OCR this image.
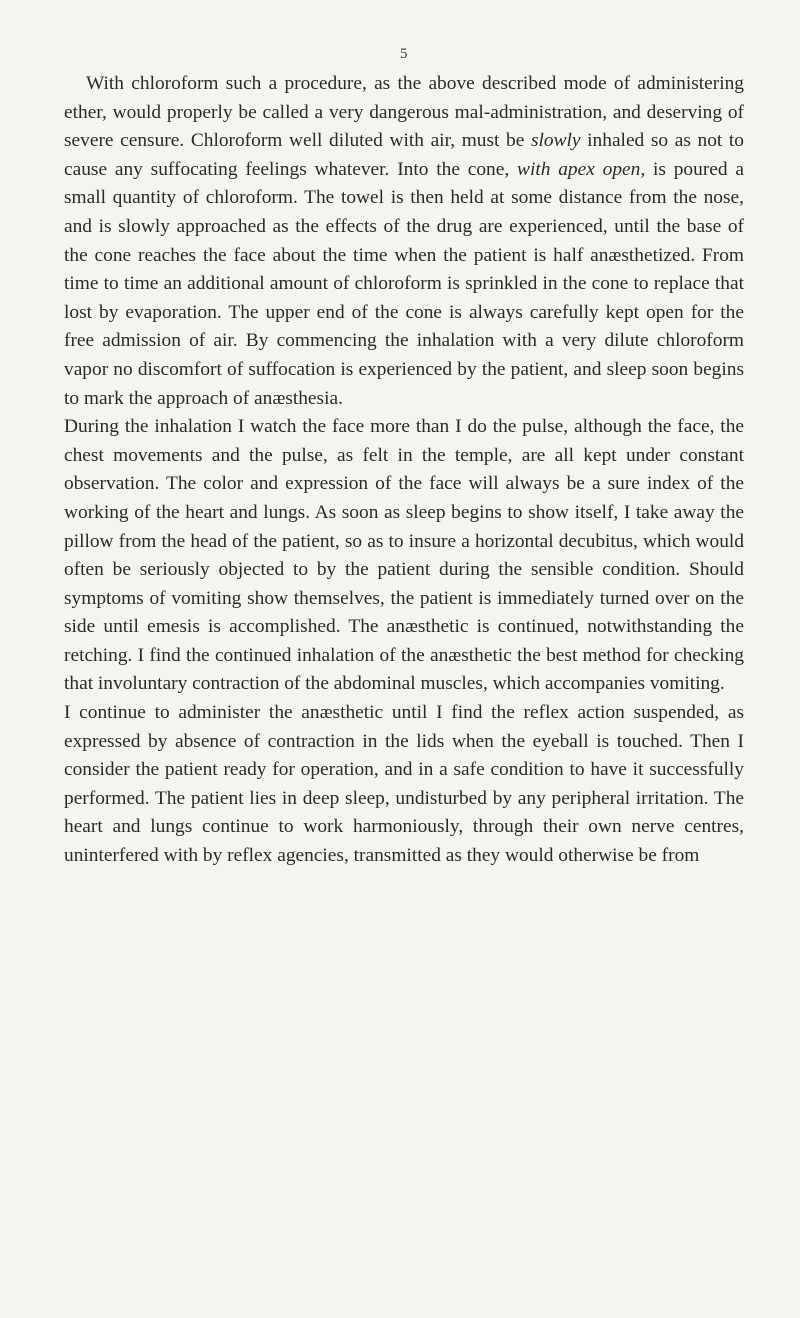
5

With chloroform such a procedure, as the above described mode of administering ether, would properly be called a very dangerous mal-administration, and deserving of severe censure. Chloroform well diluted with air, must be slowly inhaled so as not to cause any suffocating feelings whatever. Into the cone, with apex open, is poured a small quantity of chloroform. The towel is then held at some distance from the nose, and is slowly approached as the effects of the drug are experienced, until the base of the cone reaches the face about the time when the patient is half anæsthetized. From time to time an additional amount of chloroform is sprinkled in the cone to replace that lost by evaporation. The upper end of the cone is always carefully kept open for the free admission of air. By commencing the inhalation with a very dilute chloroform vapor no discomfort of suffocation is experienced by the patient, and sleep soon begins to mark the approach of anæsthesia.

During the inhalation I watch the face more than I do the pulse, although the face, the chest movements and the pulse, as felt in the temple, are all kept under constant observation. The color and expression of the face will always be a sure index of the working of the heart and lungs. As soon as sleep begins to show itself, I take away the pillow from the head of the patient, so as to insure a horizontal decubitus, which would often be seriously objected to by the patient during the sensible condition. Should symptoms of vomiting show themselves, the patient is immediately turned over on the side until emesis is accomplished. The anæsthetic is continued, notwithstanding the retching. I find the continued inhalation of the anæsthetic the best method for checking that involuntary contraction of the abdominal muscles, which accompanies vomiting.

I continue to administer the anæsthetic until I find the reflex action suspended, as expressed by absence of contraction in the lids when the eyeball is touched. Then I consider the patient ready for operation, and in a safe condition to have it successfully performed. The patient lies in deep sleep, undisturbed by any peripheral irritation. The heart and lungs continue to work harmoniously, through their own nerve centres, uninterfered with by reflex agencies, transmitted as they would otherwise be from
